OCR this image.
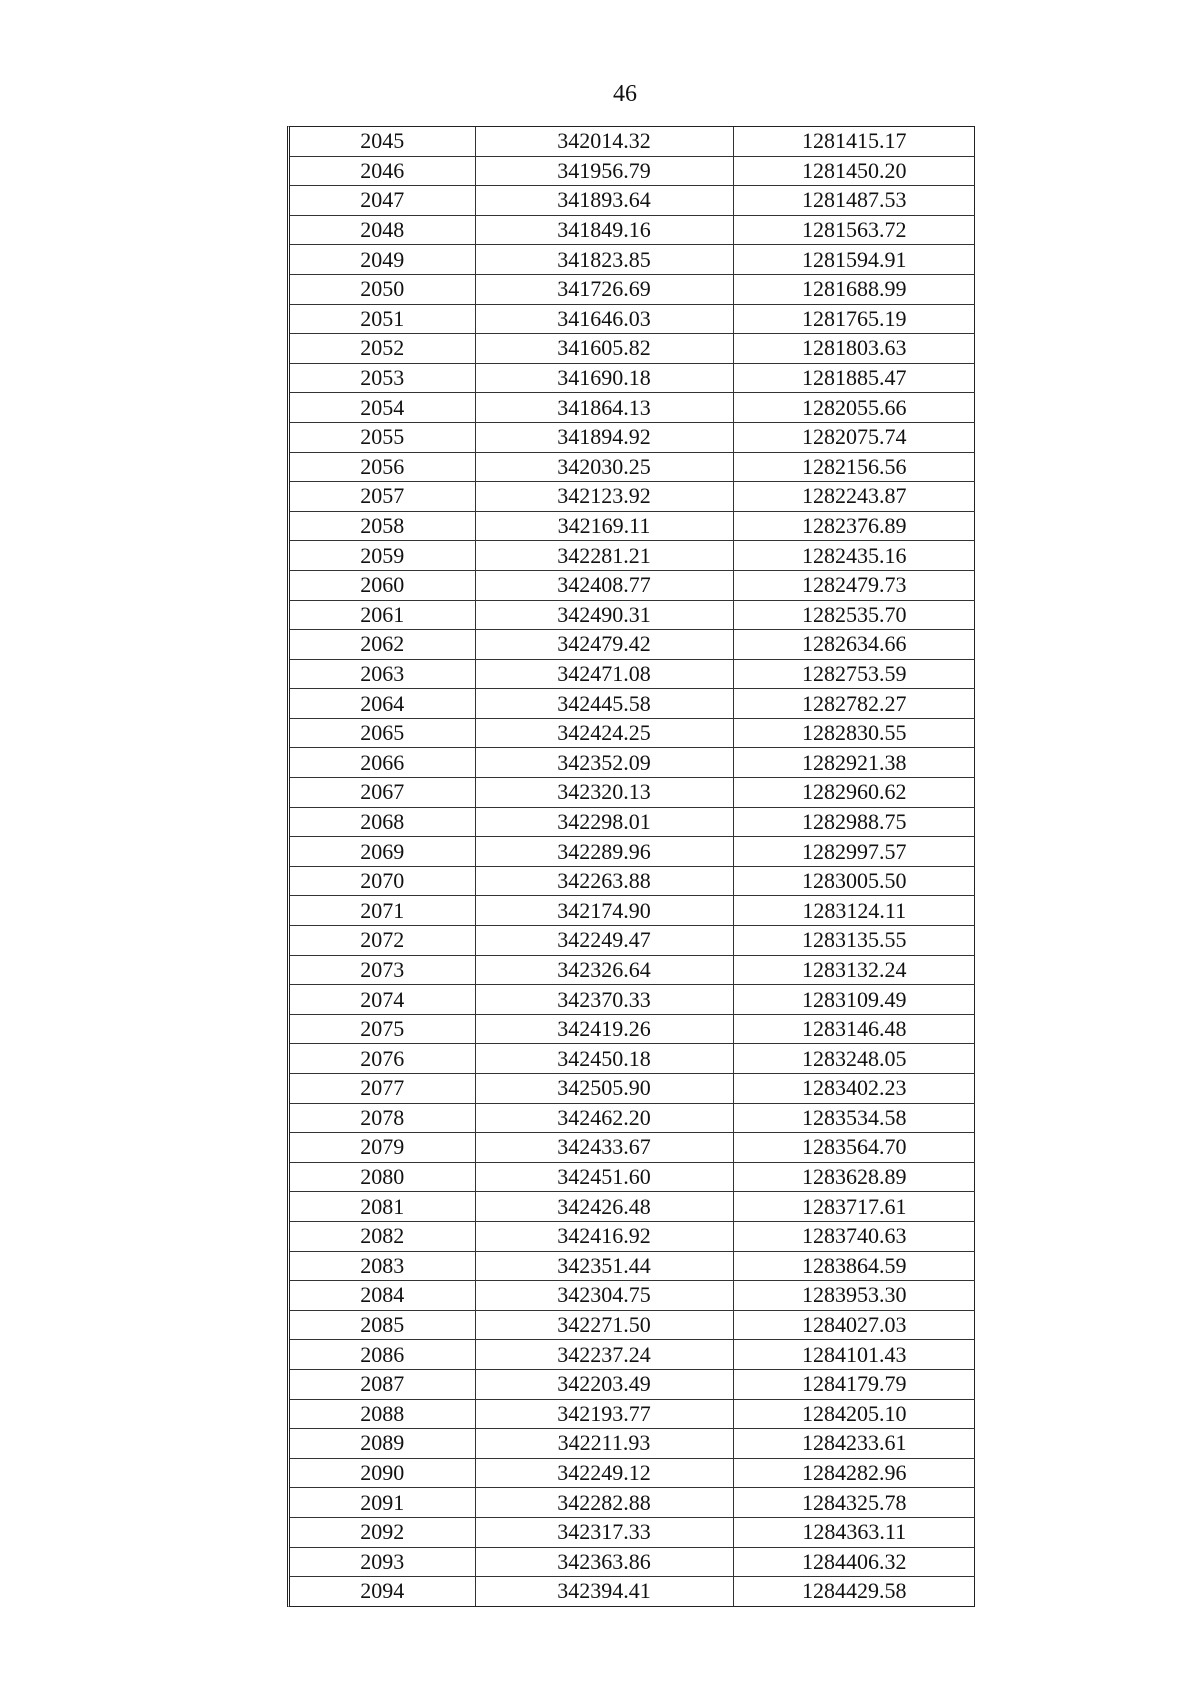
46
2045	342014.32	1281415.17
2046	341956.79	1281450.20
2047	341893.64	1281487.53
2048	341849.16	1281563.72
2049	341823.85	1281594.91
2050	341726.69	1281688.99
2051	341646.03	1281765.19
2052	341605.82	1281803.63
2053	341690.18	1281885.47
2054	341864.13	1282055.66
2055	341894.92	1282075.74
2056	342030.25	1282156.56
2057	342123.92	1282243.87
2058	342169.11	1282376.89
2059	342281.21	1282435.16
2060	342408.77	1282479.73
2061	342490.31	1282535.70
2062	342479.42	1282634.66
2063	342471.08	1282753.59
2064	342445.58	1282782.27
2065	342424.25	1282830.55
2066	342352.09	1282921.38
2067	342320.13	1282960.62
2068	342298.01	1282988.75
2069	342289.96	1282997.57
2070	342263.88	1283005.50
2071	342174.90	1283124.11
2072	342249.47	1283135.55
2073	342326.64	1283132.24
2074	342370.33	1283109.49
2075	342419.26	1283146.48
2076	342450.18	1283248.05
2077	342505.90	1283402.23
2078	342462.20	1283534.58
2079	342433.67	1283564.70
2080	342451.60	1283628.89
2081	342426.48	1283717.61
2082	342416.92	1283740.63
2083	342351.44	1283864.59
2084	342304.75	1283953.30
2085	342271.50	1284027.03
2086	342237.24	1284101.43
2087	342203.49	1284179.79
2088	342193.77	1284205.10
2089	342211.93	1284233.61
2090	342249.12	1284282.96
2091	342282.88	1284325.78
2092	342317.33	1284363.11
2093	342363.86	1284406.32
2094	342394.41	1284429.58
